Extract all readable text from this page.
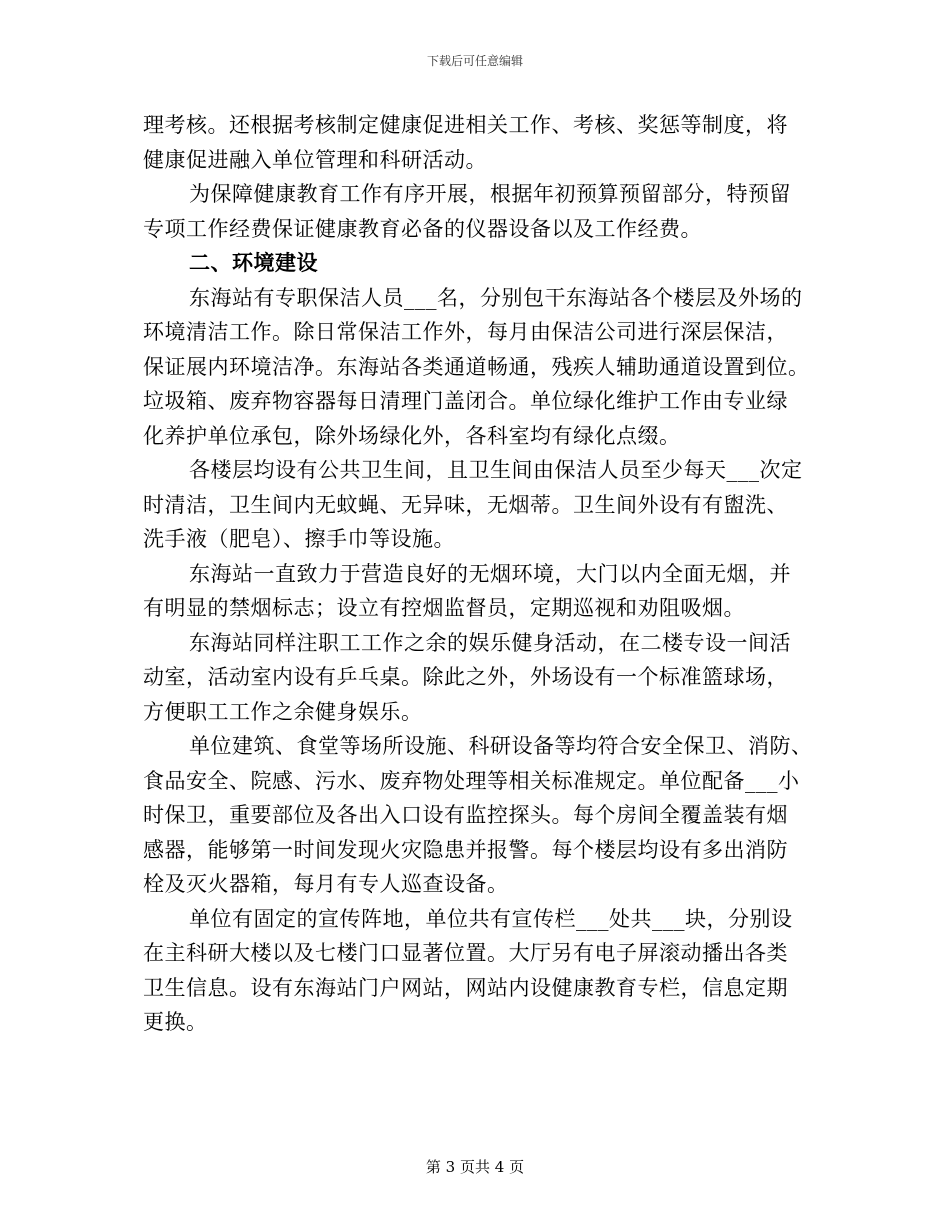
下载后可任意编辑
理考核。还根据考核制定健康促进相关工作、考核、奖惩等制度，将
健康促进融入单位管理和科研活动。
为保障健康教育工作有序开展，根据年初预算预留部分，特预留
专项工作经费保证健康教育必备的仪器设备以及工作经费。
二、环境建设
东海站有专职保洁人员___名，分别包干东海站各个楼层及外场的
环境清洁工作。除日常保洁工作外，每月由保洁公司进行深层保洁，
保证展内环境洁净。东海站各类通道畅通，残疾人辅助通道设置到位。
垃圾箱、废弃物容器每日清理门盖闭合。单位绿化维护工作由专业绿
化养护单位承包，除外场绿化外，各科室均有绿化点缀。
各楼层均设有公共卫生间，且卫生间由保洁人员至少每天___次定
时清洁，卫生间内无蚊蝇、无异味，无烟蒂。卫生间外设有有盥洗、
洗手液（肥皂）、擦手巾等设施。
东海站一直致力于营造良好的无烟环境，大门以内全面无烟，并
有明显的禁烟标志；设立有控烟监督员，定期巡视和劝阻吸烟。
东海站同样注职工工作之余的娱乐健身活动，在二楼专设一间活
动室，活动室内设有乒乓桌。除此之外，外场设有一个标准篮球场，
方便职工工作之余健身娱乐。
单位建筑、食堂等场所设施、科研设备等均符合安全保卫、消防、
食品安全、院感、污水、废弃物处理等相关标准规定。单位配备___小
时保卫，重要部位及各出入口设有监控探头。每个房间全覆盖装有烟
感器，能够第一时间发现火灾隐患并报警。每个楼层均设有多出消防
栓及灭火器箱，每月有专人巡查设备。
单位有固定的宣传阵地，单位共有宣传栏___处共___块，分别设
在主科研大楼以及七楼门口显著位置。大厅另有电子屏滚动播出各类
卫生信息。设有东海站门户网站，网站内设健康教育专栏，信息定期
更换。
第 3 页共 4 页
